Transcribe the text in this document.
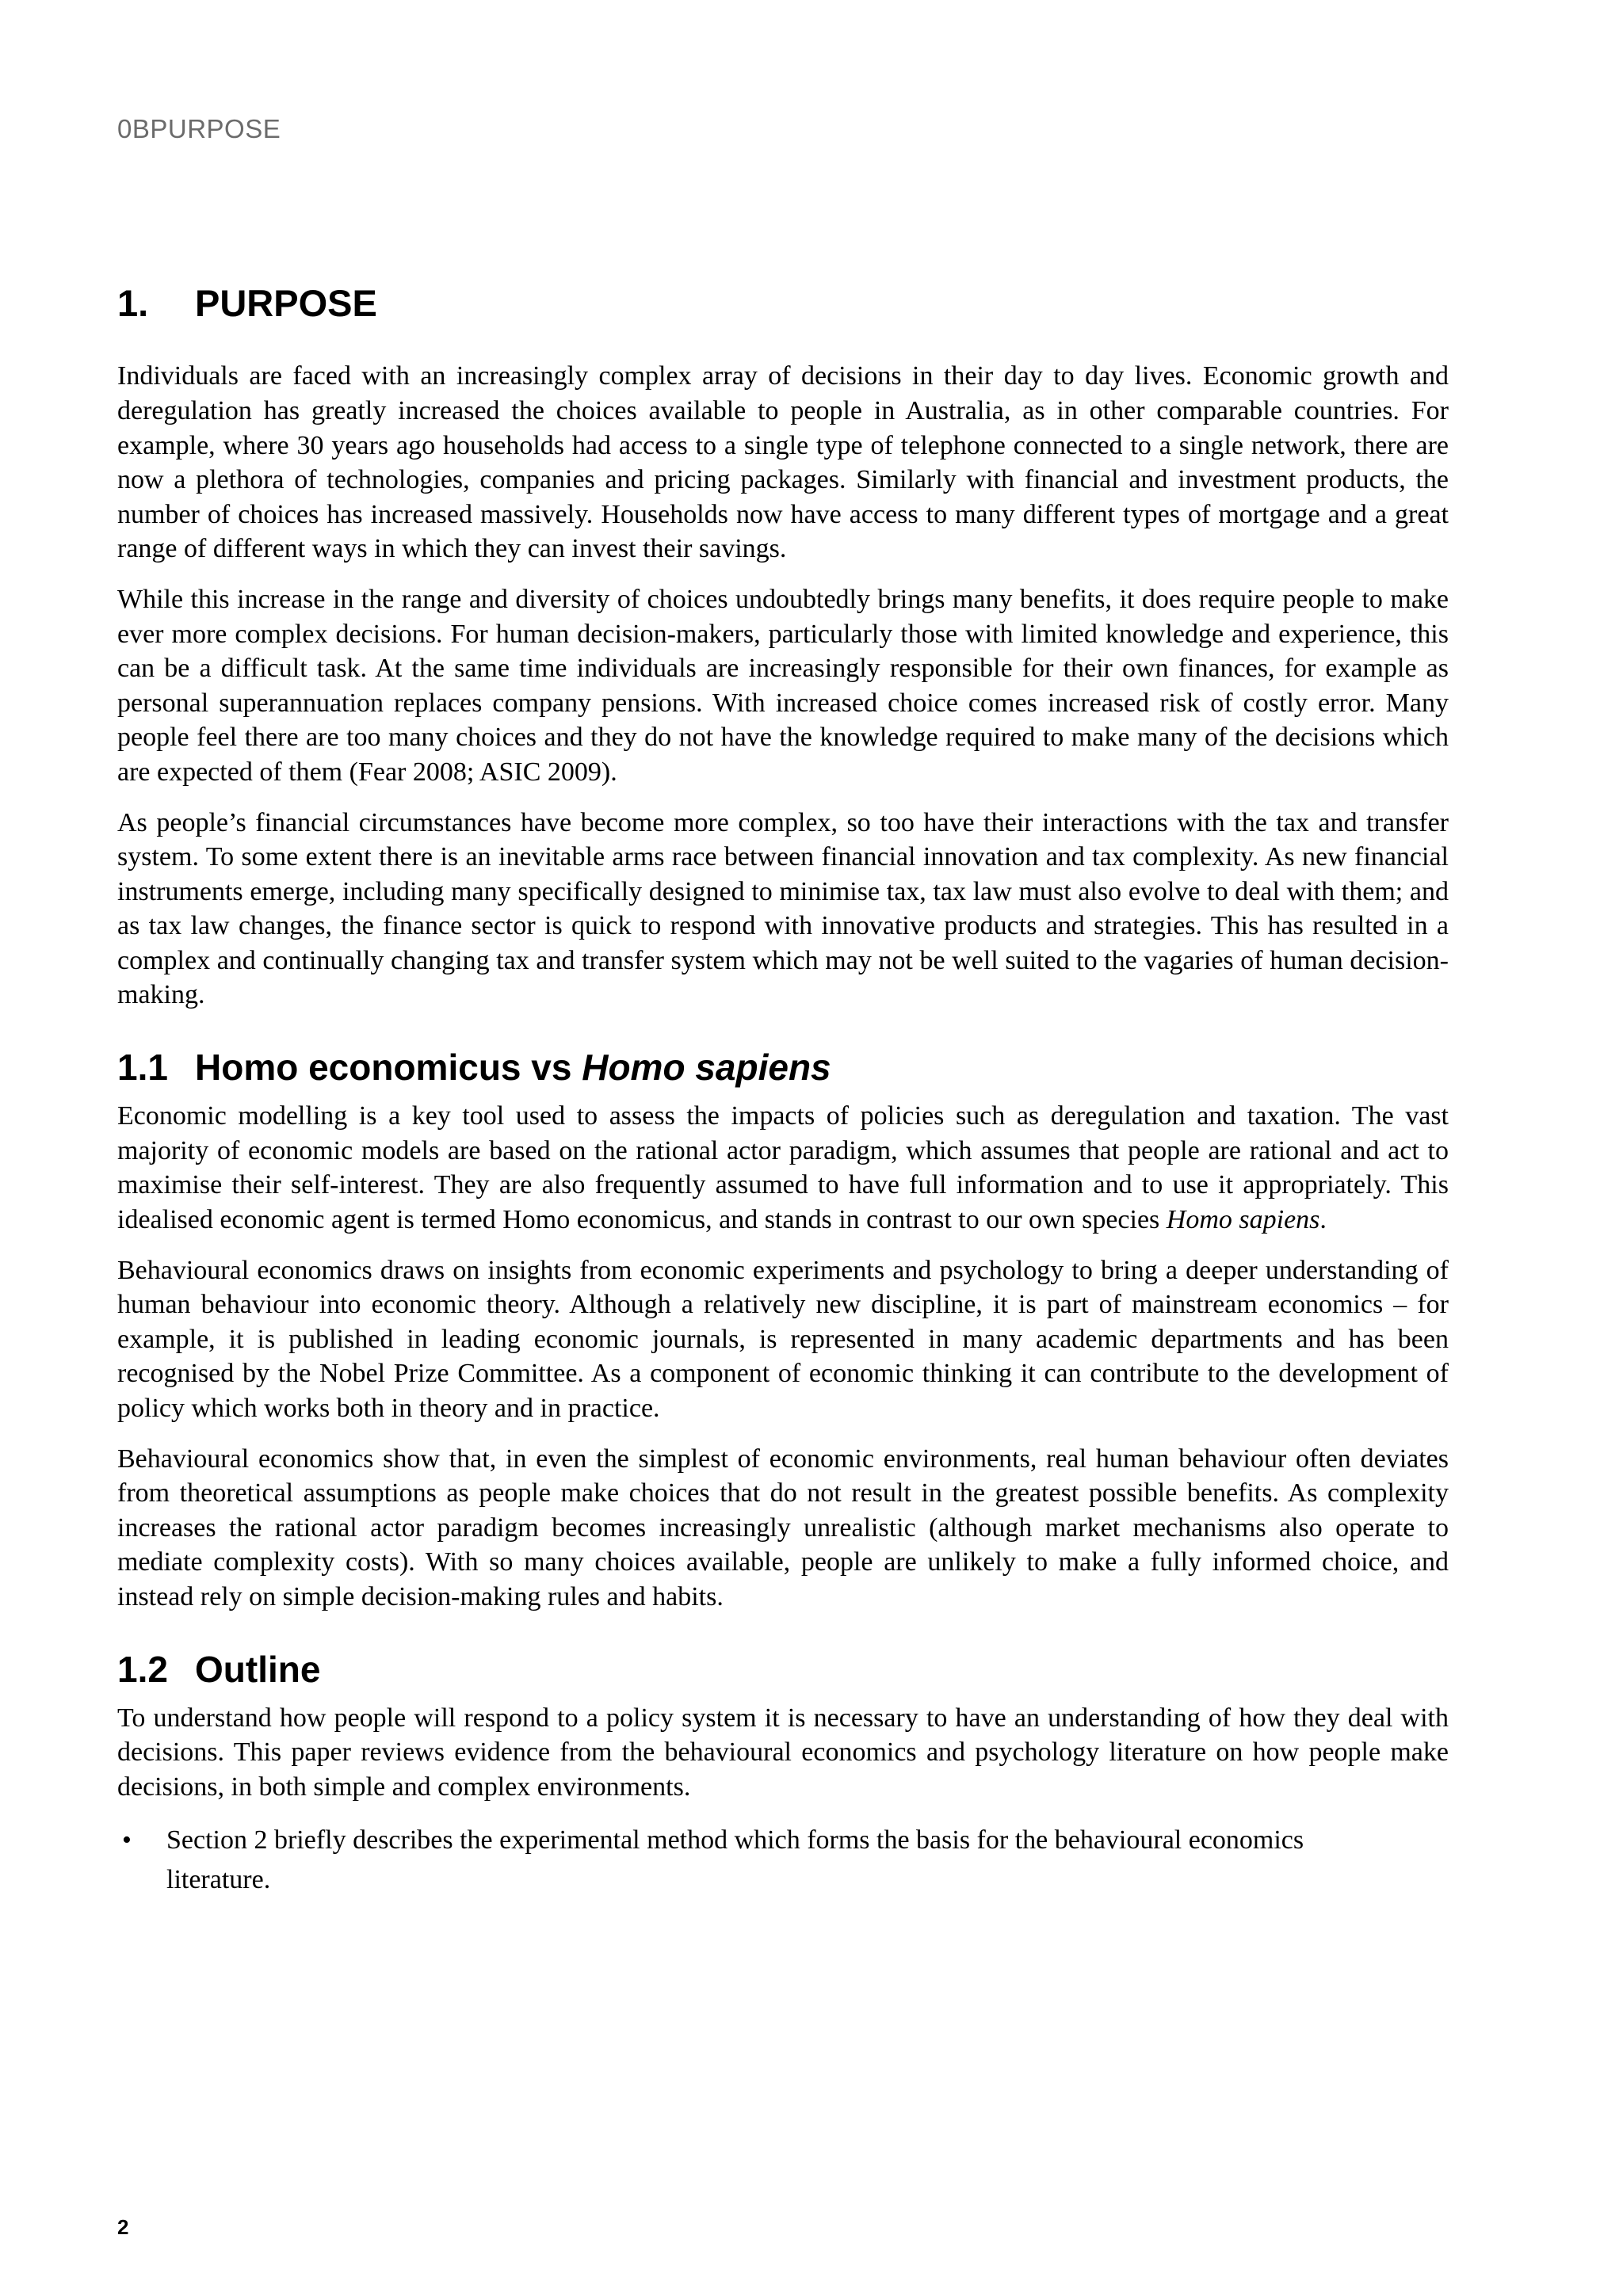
0BPURPOSE
1. PURPOSE

Individuals are faced with an increasingly complex array of decisions in their day to day lives. Economic growth and deregulation has greatly increased the choices available to people in Australia, as in other comparable countries. For example, where 30 years ago households had access to a single type of telephone connected to a single network, there are now a plethora of technologies, companies and pricing packages. Similarly with financial and investment products, the number of choices has increased massively. Households now have access to many different types of mortgage and a great range of different ways in which they can invest their savings.

While this increase in the range and diversity of choices undoubtedly brings many benefits, it does require people to make ever more complex decisions. For human decision-makers, particularly those with limited knowledge and experience, this can be a difficult task. At the same time individuals are increasingly responsible for their own finances, for example as personal superannuation replaces company pensions. With increased choice comes increased risk of costly error. Many people feel there are too many choices and they do not have the knowledge required to make many of the decisions which are expected of them (Fear 2008; ASIC 2009).

As people’s financial circumstances have become more complex, so too have their interactions with the tax and transfer system. To some extent there is an inevitable arms race between financial innovation and tax complexity. As new financial instruments emerge, including many specifically designed to minimise tax, tax law must also evolve to deal with them; and as tax law changes, the finance sector is quick to respond with innovative products and strategies. This has resulted in a complex and continually changing tax and transfer system which may not be well suited to the vagaries of human decision-making.

1.1 Homo economicus vs Homo sapiens

Economic modelling is a key tool used to assess the impacts of policies such as deregulation and taxation. The vast majority of economic models are based on the rational actor paradigm, which assumes that people are rational and act to maximise their self-interest. They are also frequently assumed to have full information and to use it appropriately. This idealised economic agent is termed Homo economicus, and stands in contrast to our own species Homo sapiens.

Behavioural economics draws on insights from economic experiments and psychology to bring a deeper understanding of human behaviour into economic theory. Although a relatively new discipline, it is part of mainstream economics – for example, it is published in leading economic journals, is represented in many academic departments and has been recognised by the Nobel Prize Committee. As a component of economic thinking it can contribute to the development of policy which works both in theory and in practice.

Behavioural economics show that, in even the simplest of economic environments, real human behaviour often deviates from theoretical assumptions as people make choices that do not result in the greatest possible benefits. As complexity increases the rational actor paradigm becomes increasingly unrealistic (although market mechanisms also operate to mediate complexity costs). With so many choices available, people are unlikely to make a fully informed choice, and instead rely on simple decision-making rules and habits.

1.2 Outline

To understand how people will respond to a policy system it is necessary to have an understanding of how they deal with decisions. This paper reviews evidence from the behavioural economics and psychology literature on how people make decisions, in both simple and complex environments.

• Section 2 briefly describes the experimental method which forms the basis for the behavioural economics literature.
2
